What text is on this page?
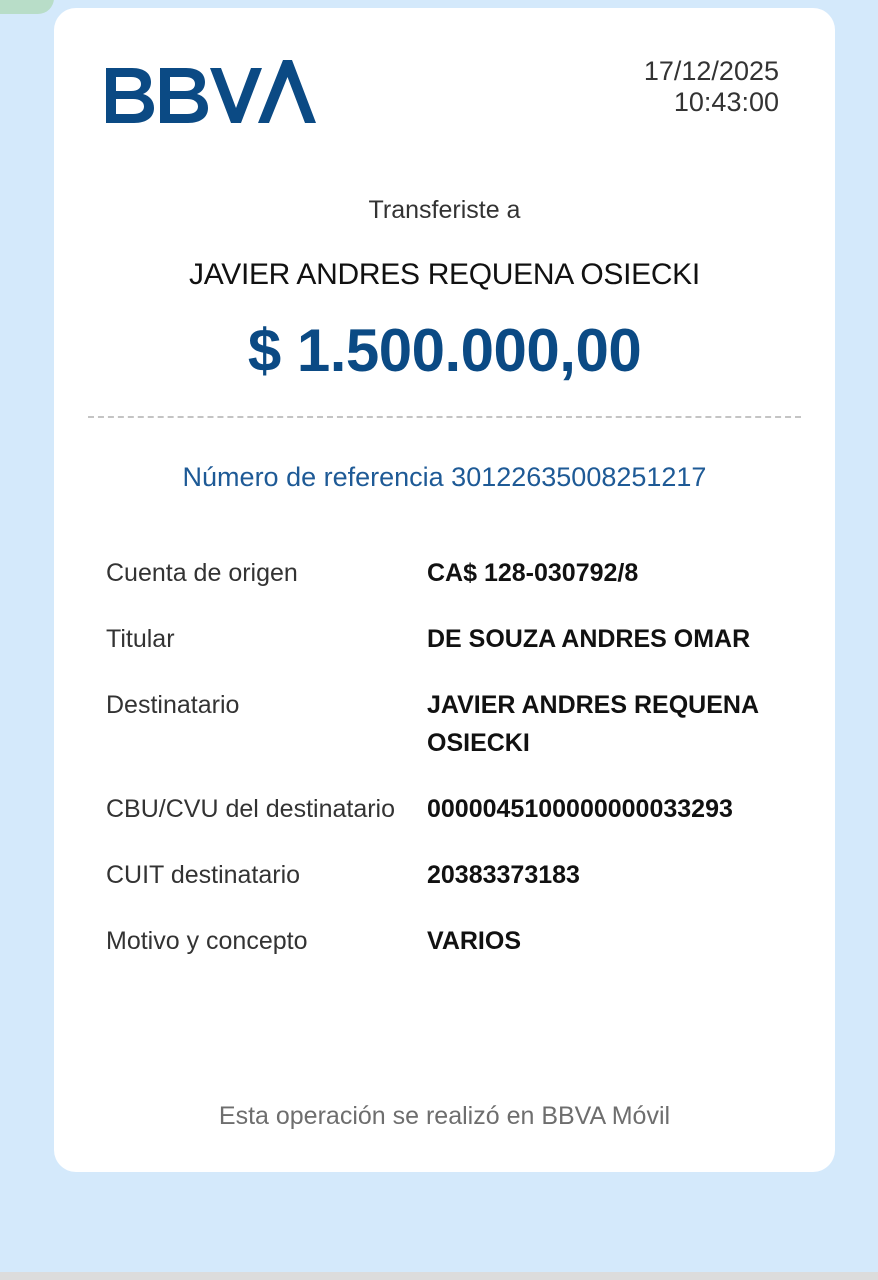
17/12/2025
10:43:00
Transferiste a
JAVIER ANDRES REQUENA OSIECKI
$ 1.500.000,00
Número de referencia 30122635008251217
Cuenta de origen	CA$ 128-030792/8
Titular	DE SOUZA ANDRES OMAR
Destinatario	JAVIER ANDRES REQUENA OSIECKI
CBU/CVU del destinatario 0000045100000000033293
CUIT destinatario	20383373183
Motivo y concepto	VARIOS
Esta operación se realizó en BBVA Móvil
